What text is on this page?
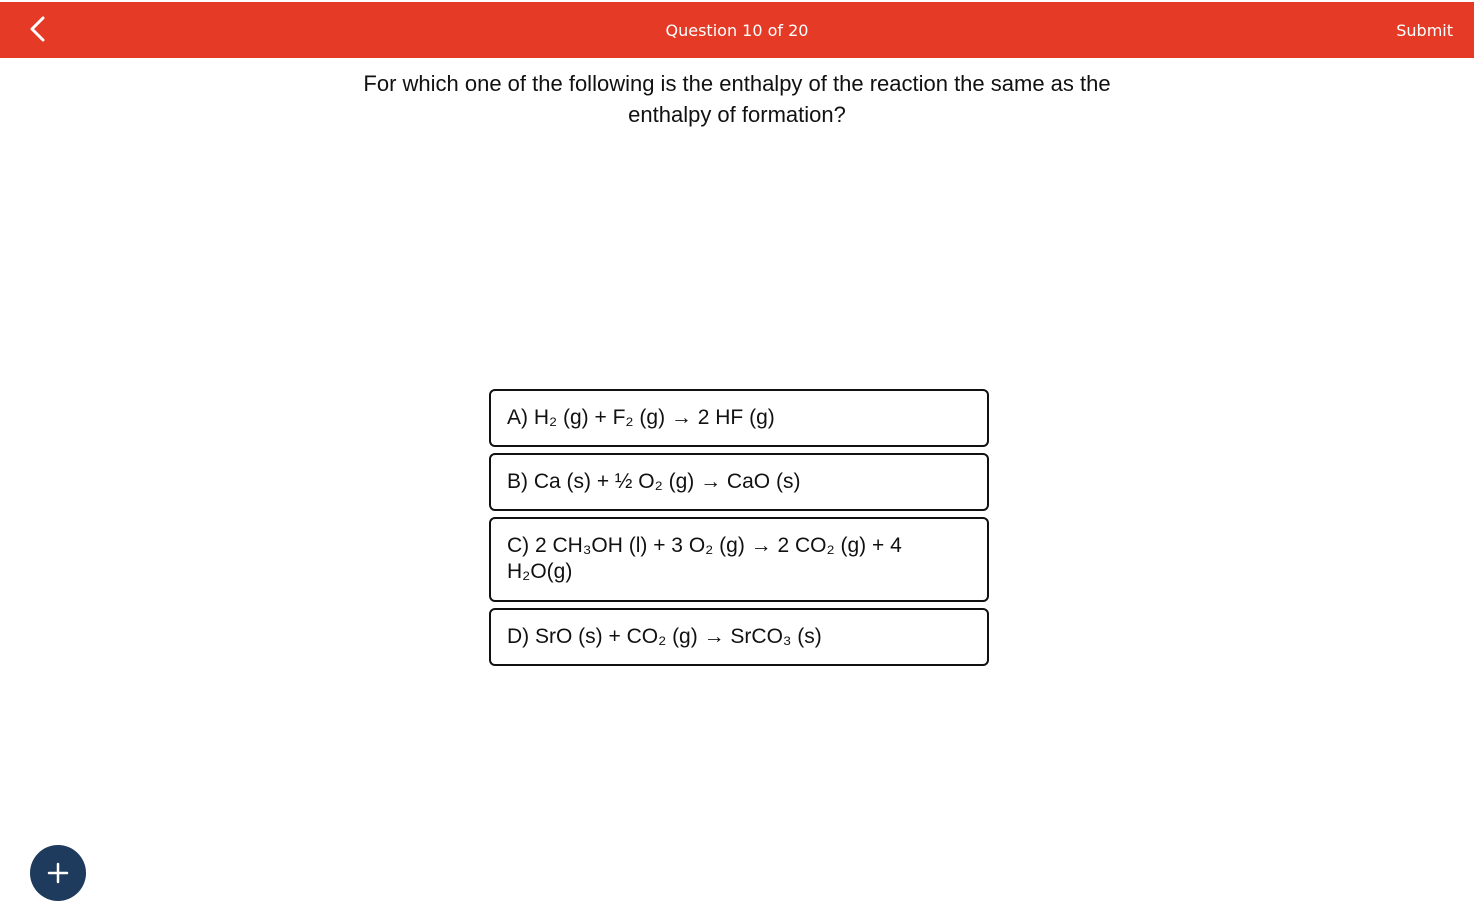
Question 10 of 20	Submit
For which one of the following is the enthalpy of the reaction the same as the enthalpy of formation?
A) H₂ (g) + F₂ (g) → 2 HF (g)
B) Ca (s) + ½ O₂ (g) → CaO (s)
C) 2 CH₃OH (l) + 3 O₂ (g) → 2 CO₂ (g) + 4 H₂O(g)
D) SrO (s) + CO₂ (g) → SrCO₃ (s)
